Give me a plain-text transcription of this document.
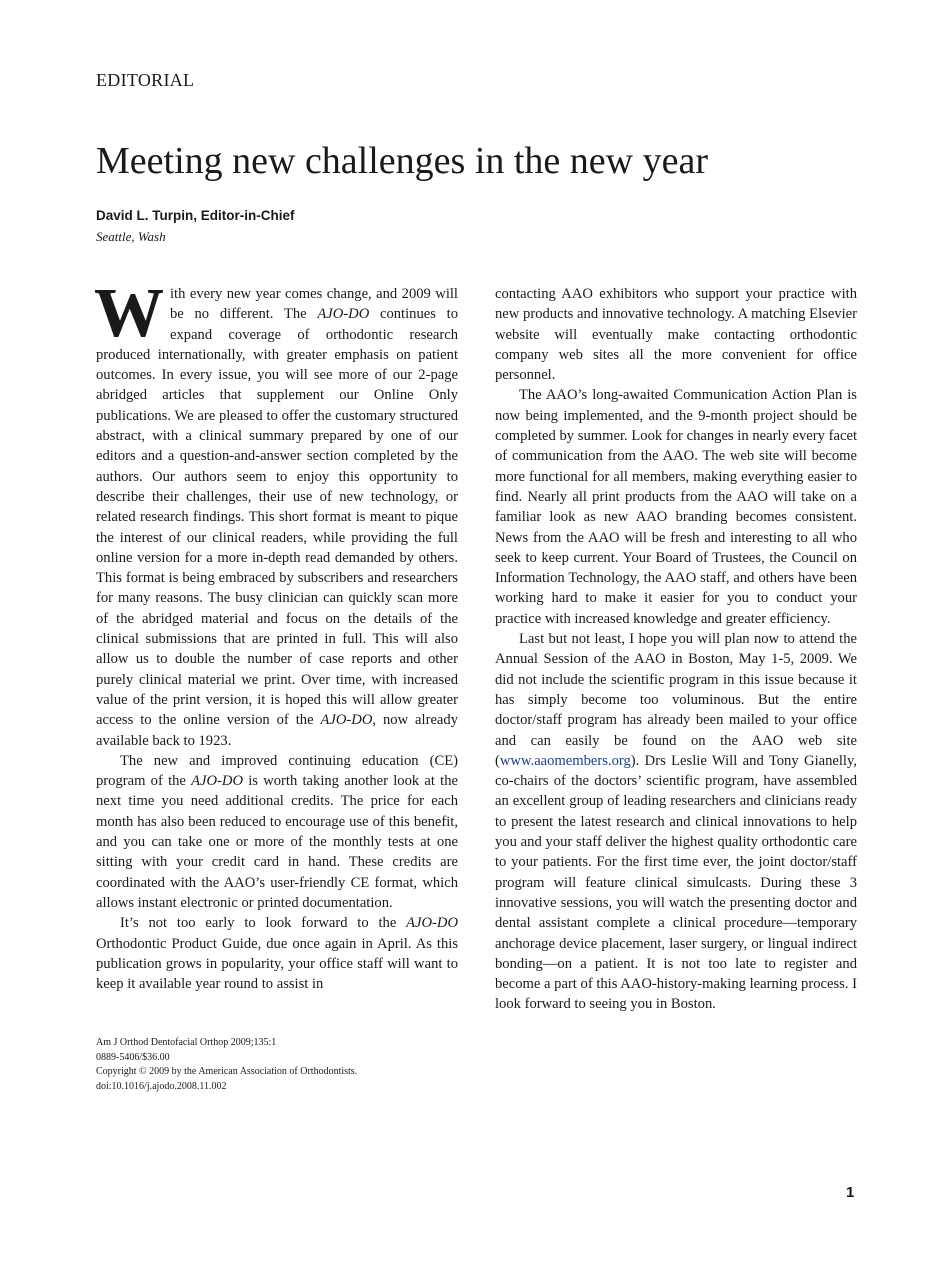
EDITORIAL
Meeting new challenges in the new year
David L. Turpin, Editor-in-Chief
Seattle, Wash

With every new year comes change, and 2009 will be no different. The AJO-DO continues to expand coverage of orthodontic research produced internationally, with greater emphasis on patient outcomes. In every issue, you will see more of our 2-page abridged articles that supplement our Online Only publications. We are pleased to offer the customary structured abstract, with a clinical summary prepared by one of our editors and a question-and-answer section completed by the authors. Our authors seem to enjoy this opportunity to describe their challenges, their use of new technology, or related research findings. This short format is meant to pique the interest of our clinical readers, while providing the full online version for a more in-depth read demanded by others. This format is being embraced by subscribers and researchers for many reasons. The busy clinician can quickly scan more of the abridged material and focus on the details of the clinical submissions that are printed in full. This will also allow us to double the number of case reports and other purely clinical material we print. Over time, with increased value of the print version, it is hoped this will allow greater access to the online version of the AJO-DO, now already available back to 1923.

The new and improved continuing education (CE) program of the AJO-DO is worth taking another look at the next time you need additional credits. The price for each month has also been reduced to encourage use of this benefit, and you can take one or more of the monthly tests at one sitting with your credit card in hand. These credits are coordinated with the AAO’s user-friendly CE format, which allows instant electronic or printed documentation.

It’s not too early to look forward to the AJO-DO Orthodontic Product Guide, due once again in April. As this publication grows in popularity, your office staff will want to keep it available year round to assist in

contacting AAO exhibitors who support your practice with new products and innovative technology. A matching Elsevier website will eventually make contacting orthodontic company web sites all the more convenient for office personnel.

The AAO’s long-awaited Communication Action Plan is now being implemented, and the 9-month project should be completed by summer. Look for changes in nearly every facet of communication from the AAO. The web site will become more functional for all members, making everything easier to find. Nearly all print products from the AAO will take on a familiar look as new AAO branding becomes consistent. News from the AAO will be fresh and interesting to all who seek to keep current. Your Board of Trustees, the Council on Information Technology, the AAO staff, and others have been working hard to make it easier for you to conduct your practice with increased knowledge and greater efficiency.

Last but not least, I hope you will plan now to attend the Annual Session of the AAO in Boston, May 1-5, 2009. We did not include the scientific program in this issue because it has simply become too voluminous. But the entire doctor/staff program has already been mailed to your office and can easily be found on the AAO web site (www.aaomembers.org). Drs Leslie Will and Tony Gianelly, co-chairs of the doctors’ scientific program, have assembled an excellent group of leading researchers and clinicians ready to present the latest research and clinical innovations to help you and your staff deliver the highest quality orthodontic care to your patients. For the first time ever, the joint doctor/staff program will feature clinical simulcasts. During these 3 innovative sessions, you will watch the presenting doctor and dental assistant complete a clinical procedure—temporary anchorage device placement, laser surgery, or lingual indirect bonding—on a patient. It is not too late to register and become a part of this AAO-history-making learning process. I look forward to seeing you in Boston.

Am J Orthod Dentofacial Orthop 2009;135:1
0889-5406/$36.00
Copyright © 2009 by the American Association of Orthodontists.
doi:10.1016/j.ajodo.2008.11.002
1
